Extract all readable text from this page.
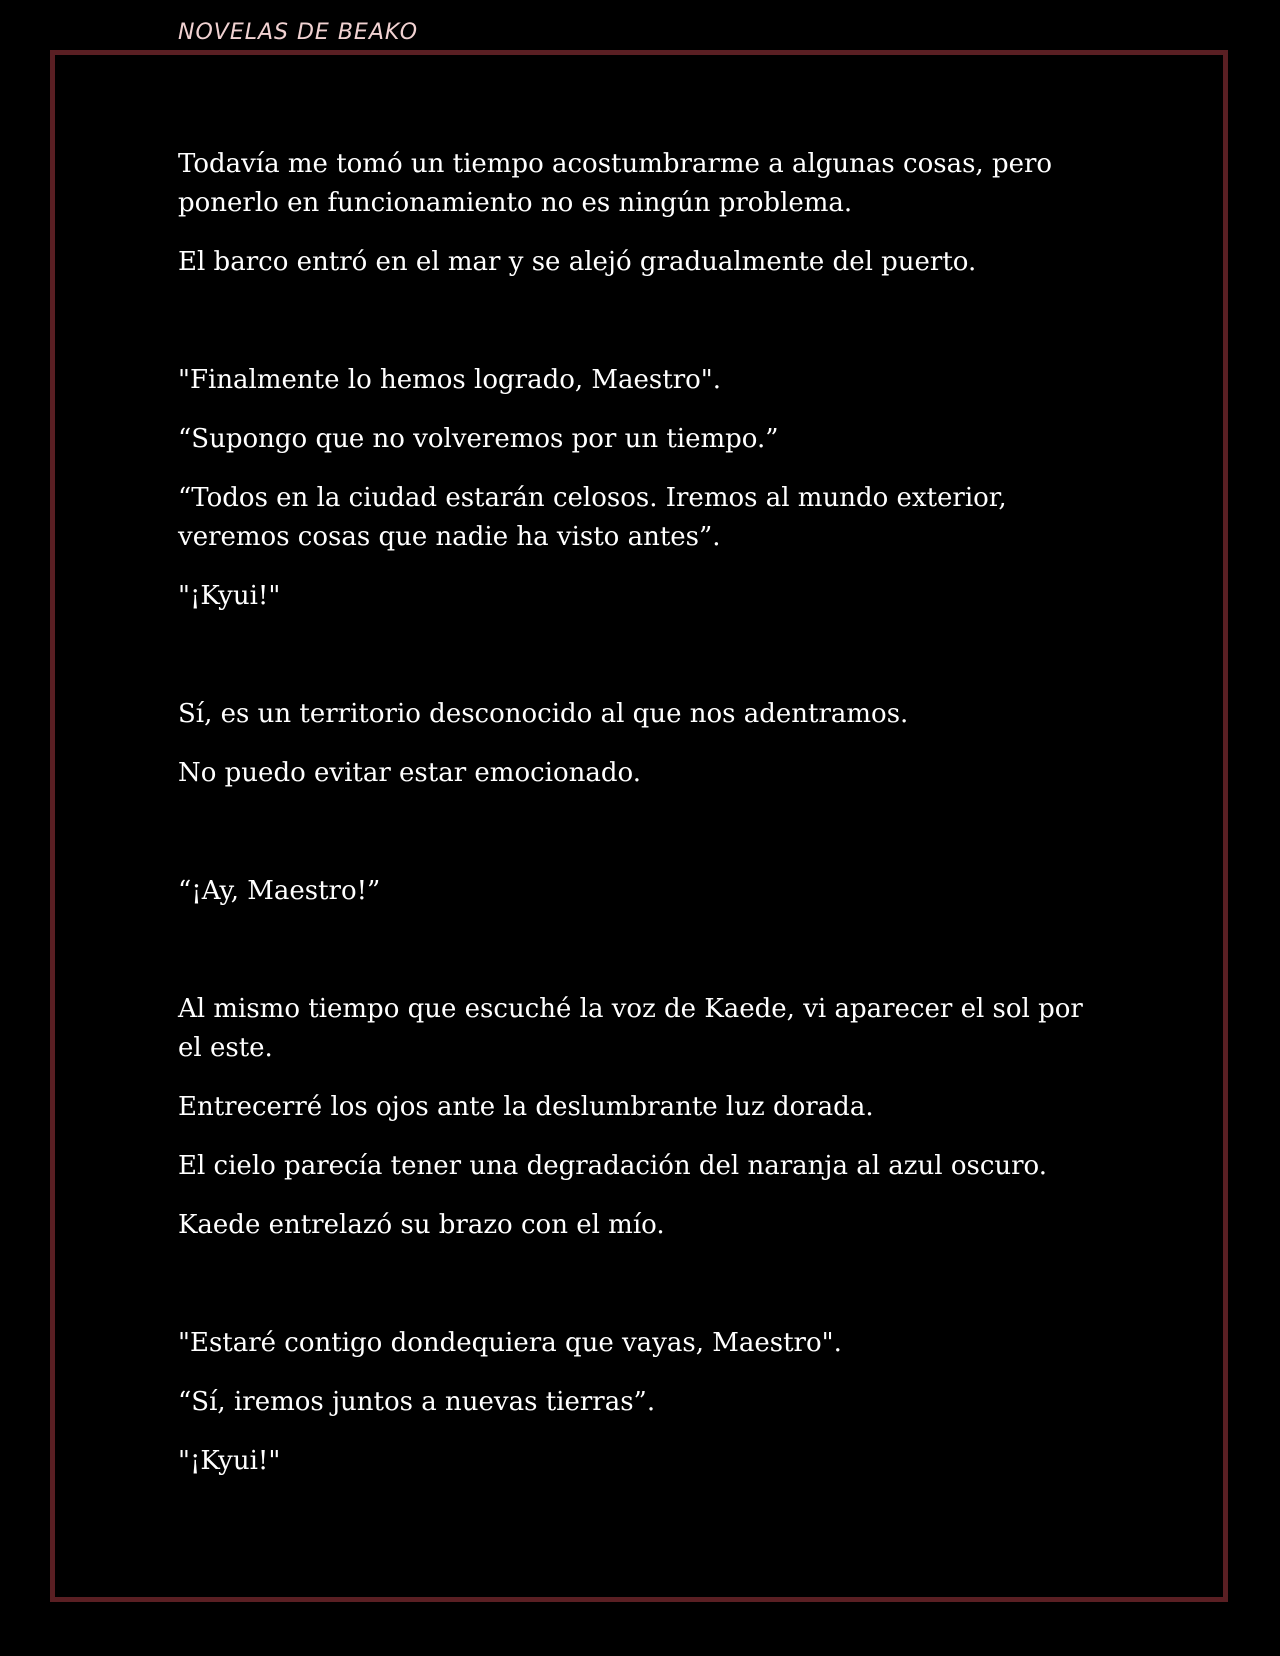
NOVELAS DE BEAKO

Todavía me tomó un tiempo acostumbrarme a algunas cosas, pero ponerlo en funcionamiento no es ningún problema.

El barco entró en el mar y se alejó gradualmente del puerto.

"Finalmente lo hemos logrado, Maestro".

“Supongo que no volveremos por un tiempo.”

“Todos en la ciudad estarán celosos. Iremos al mundo exterior, veremos cosas que nadie ha visto antes”.

"¡Kyui!"

Sí, es un territorio desconocido al que nos adentramos.

No puedo evitar estar emocionado.

“¡Ay, Maestro!”

Al mismo tiempo que escuché la voz de Kaede, vi aparecer el sol por el este.

Entrecerré los ojos ante la deslumbrante luz dorada.

El cielo parecía tener una degradación del naranja al azul oscuro.

Kaede entrelazó su brazo con el mío.

"Estaré contigo dondequiera que vayas, Maestro".

“Sí, iremos juntos a nuevas tierras”.

"¡Kyui!"
